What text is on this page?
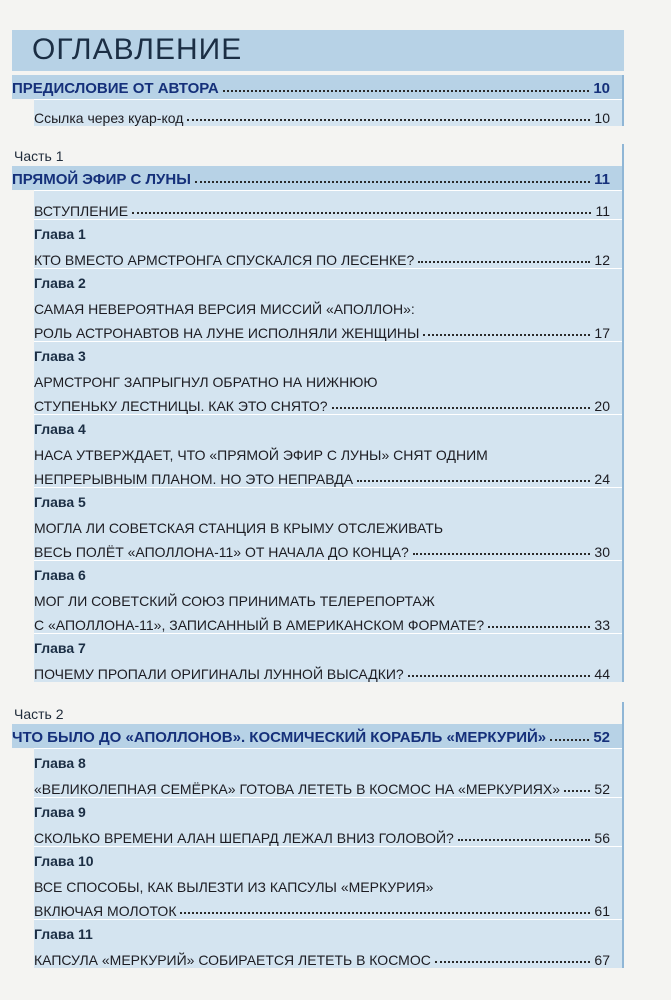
ОГЛАВЛЕНИЕ
ПРЕДИСЛОВИЕ ОТ АВТОРА	10
Ссылка через куар-код	10
Часть 1
ПРЯМОЙ ЭФИР С ЛУНЫ	11
ВСТУПЛЕНИЕ	11
Глава 1
КТО ВМЕСТО АРМСТРОНГА СПУСКАЛСЯ ПО ЛЕСЕНКЕ?	12
Глава 2
САМАЯ НЕВЕРОЯТНАЯ ВЕРСИЯ МИССИЙ «АПОЛЛОН»:
РОЛЬ АСТРОНАВТОВ НА ЛУНЕ ИСПОЛНЯЛИ ЖЕНЩИНЫ	17
Глава 3
АРМСТРОНГ ЗАПРЫГНУЛ ОБРАТНО НА НИЖНЮЮ
СТУПЕНЬКУ ЛЕСТНИЦЫ. КАК ЭТО СНЯТО?	20
Глава 4
НАСА УТВЕРЖДАЕТ, ЧТО «ПРЯМОЙ ЭФИР С ЛУНЫ» СНЯТ ОДНИМ
НЕПРЕРЫВНЫМ ПЛАНОМ. НО ЭТО НЕПРАВДА	24
Глава 5
МОГЛА ЛИ СОВЕТСКАЯ СТАНЦИЯ В КРЫМУ ОТСЛЕЖИВАТЬ
ВЕСЬ ПОЛЁТ «АПОЛЛОНА-11» ОТ НАЧАЛА ДО КОНЦА?	30
Глава 6
МОГ ЛИ СОВЕТСКИЙ СОЮЗ ПРИНИМАТЬ ТЕЛЕРЕПОРТАЖ
С «АПОЛЛОНА-11», ЗАПИСАННЫЙ В АМЕРИКАНСКОМ ФОРМАТЕ?	33
Глава 7
ПОЧЕМУ ПРОПАЛИ ОРИГИНАЛЫ ЛУННОЙ ВЫСАДКИ?	44
Часть 2
ЧТО БЫЛО ДО «АПОЛЛОНОВ». КОСМИЧЕСКИЙ КОРАБЛЬ «МЕРКУРИЙ»	52
Глава 8
«ВЕЛИКОЛЕПНАЯ СЕМЁРКА» ГОТОВА ЛЕТЕТЬ В КОСМОС НА «МЕРКУРИЯХ» 52
Глава 9
СКОЛЬКО ВРЕМЕНИ АЛАН ШЕПАРД ЛЕЖАЛ ВНИЗ ГОЛОВОЙ?	56
Глава 10
ВСЕ СПОСОБЫ, КАК ВЫЛЕЗТИ ИЗ КАПСУЛЫ «МЕРКУРИЯ»
ВКЛЮЧАЯ МОЛОТОК	61
Глава 11
КАПСУЛА «МЕРКУРИЙ» СОБИРАЕТСЯ ЛЕТЕТЬ В КОСМОС	67
